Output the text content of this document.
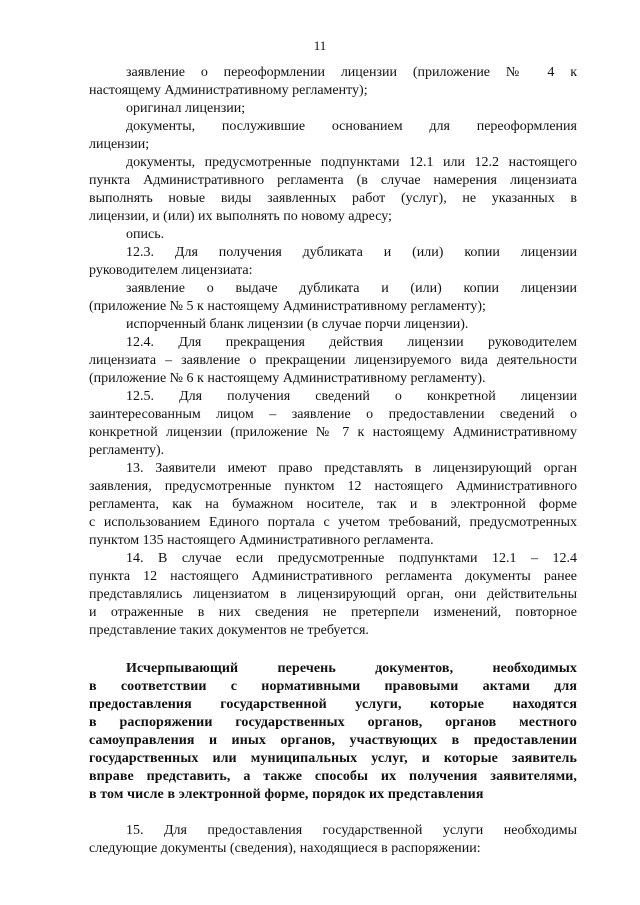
11
заявление о переоформлении лицензии (приложение № 4 к
настоящему Административному регламенту);
оригинал лицензии;
документы, послужившие основанием для переоформления
лицензии;
документы, предусмотренные подпунктами 12.1 или 12.2 настоящего
пункта Административного регламента (в случае намерения лицензиата
выполнять новые виды заявленных работ (услуг), не указанных в
лицензии, и (или) их выполнять по новому адресу;
опись.
12.3. Для получения дубликата и (или) копии лицензии
руководителем лицензиата:
заявление о выдаче дубликата и (или) копии лицензии
(приложение № 5 к настоящему Административному регламенту);
испорченный бланк лицензии (в случае порчи лицензии).
12.4. Для прекращения действия лицензии руководителем
лицензиата – заявление о прекращении лицензируемого вида деятельности
(приложение № 6 к настоящему Административному регламенту).
12.5. Для получения сведений о конкретной лицензии
заинтересованным лицом – заявление о предоставлении сведений о
конкретной лицензии (приложение № 7 к настоящему Административному
регламенту).
13. Заявители имеют право представлять в лицензирующий орган
заявления, предусмотренные пунктом 12 настоящего Административного
регламента, как на бумажном носителе, так и в электронной форме
с использованием Единого портала с учетом требований, предусмотренных
пунктом 135 настоящего Административного регламента.
14. В случае если предусмотренные подпунктами 12.1 – 12.4
пункта 12 настоящего Административного регламента документы ранее
представлялись лицензиатом в лицензирующий орган, они действительны
и отраженные в них сведения не претерпели изменений, повторное
представление таких документов не требуется.
Исчерпывающий перечень документов, необходимых
в соответствии с нормативными правовыми актами для
предоставления государственной услуги, которые находятся
в распоряжении государственных органов, органов местного
самоуправления и иных органов, участвующих в предоставлении
государственных или муниципальных услуг, и которые заявитель
вправе представить, а также способы их получения заявителями,
в том числе в электронной форме, порядок их представления
15. Для предоставления государственной услуги необходимы
следующие документы (сведения), находящиеся в распоряжении:
